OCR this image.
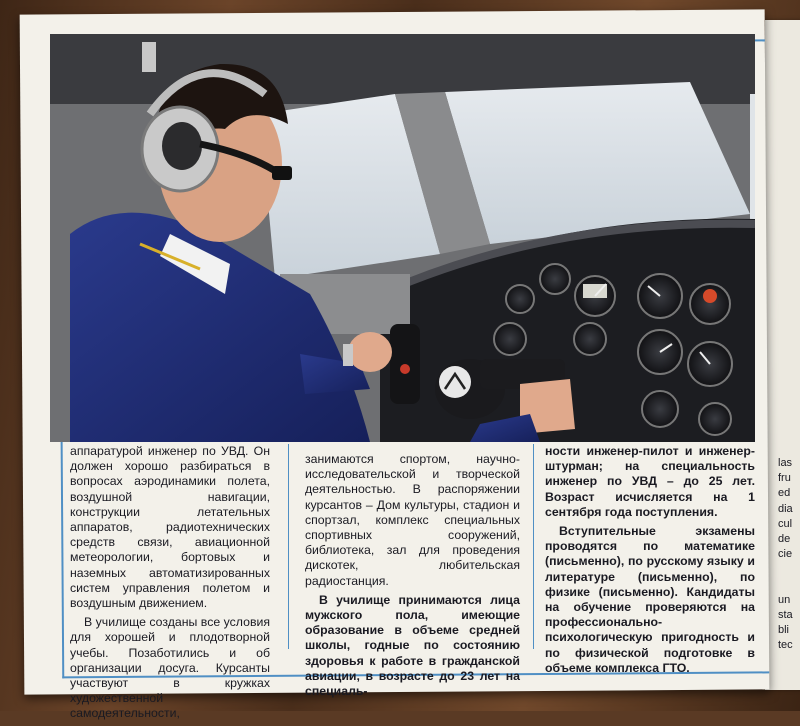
аппаратурой инженер по УВД. Он должен хорошо разбираться в вопросах аэродинамики полета, воздушной навигации, конструкции летательных аппаратов, радиотехнических средств связи, авиационной метеорологии, бортовых и наземных автоматизированных систем управления полетом и воздушным движением.

В училище созданы все условия для хорошей и плодотворной учебы. Позаботились и об организации досуга. Курсанты участвуют в кружках художественной самодеятельности,

занимаются спортом, научно-исследовательской и творческой деятельностью. В распоряжении курсантов – Дом культуры, стадион и спортзал, комплекс специальных спортивных сооружений, библиотека, зал для проведения дискотек, любительская радиостанция.

В училище принимаются лица мужского пола, имеющие образование в объеме средней школы, годные по состоянию здоровья к работе в гражданской авиации, в возрасте до 23 лет на специаль-

ности инженер-пилот и инженер-штурман; на специальность инженер по УВД – до 25 лет. Возраст исчисляется на 1 сентября года поступления.

Вступительные экзамены проводятся по математике (письменно), по русскому языку и литературе (письменно), по физике (письменно). Кандидаты на обучение проверяются на профессионально-психологическую пригодность и по физической подготовке в объеме комплекса ГТО.

las
fru
ed
dia
cul
de
cie

un
sta
bli
tec
